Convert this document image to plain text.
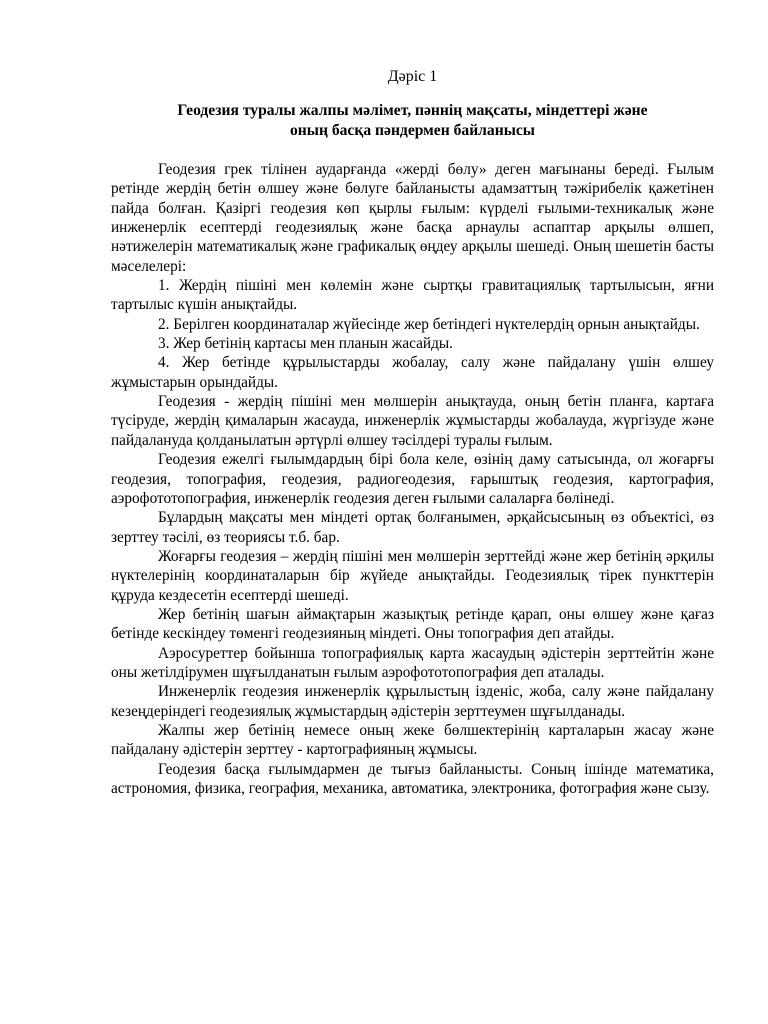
Дәріс 1
Геодезия туралы жалпы мәлімет, пәннің мақсаты, міндеттері және
оның басқа пәндермен байланысы

Геодезия грек тілінен аударғанда «жерді бөлу» деген мағынаны береді. Ғылым ретінде жердің бетін өлшеу және бөлуге байланысты адамзаттың тәжірибелік қажетінен пайда болған. Қазіргі геодезия көп қырлы ғылым: күрделі ғылыми-техникалық және инженерлік есептерді геодезиялық және басқа арнаулы аспаптар арқылы өлшеп, нәтижелерін математикалық және графикалық өңдеу арқылы шешеді. Оның шешетін басты мәселелері:

1. Жердің пішіні мен көлемін және сыртқы гравитациялық тартылысын, яғни тартылыс күшін анықтайды.

2. Берілген координаталар жүйесінде жер бетіндегі нүктелердің орнын анықтайды.

3. Жер бетінің картасы мен планын жасайды.

4. Жер бетінде құрылыстарды жобалау, салу және пайдалану үшін өлшеу жұмыстарын орындайды.

Геодезия - жердің пішіні мен мөлшерін анықтауда, оның бетін планға, картаға түсіруде, жердің қималарын жасауда, инженерлік жұмыстарды жобалауда, жүргізуде және пайдалануда қолданылатын әртүрлі өлшеу тәсілдері туралы ғылым.

Геодезия ежелгі ғылымдардың бірі бола келе, өзінің даму сатысында, ол жоғарғы геодезия, топография, геодезия, радиогеодезия, ғарыштық геодезия, картография, аэрофототопография, инженерлік геодезия деген ғылыми салаларға бөлінеді.

Бұлардың мақсаты мен міндеті ортақ болғанымен, әрқайсысының өз объектісі, өз зерттеу тәсілі, өз теориясы т.б. бар.

Жоғарғы геодезия – жердің пішіні мен мөлшерін зерттейді және жер бетінің әрқилы нүктелерінің координаталарын бір жүйеде анықтайды. Геодезиялық тірек пункттерін құруда кездесетін есептерді шешеді.

Жер бетінің шағын аймақтарын жазықтық ретінде қарап, оны өлшеу және қағаз бетінде кескіндеу төменгі геодезияның міндеті. Оны топография деп атайды.

Аэросуреттер бойынша топографиялық карта жасаудың әдістерін зерттейтін және оны жетілдірумен шұғылданатын ғылым аэрофототопография деп аталады.

Инженерлік геодезия инженерлік құрылыстың ізденіс, жоба, салу және пайдалану кезеңдеріндегі геодезиялық жұмыстардың әдістерін зерттеумен шұғылданады.

Жалпы жер бетінің немесе оның жеке бөлшектерінің карталарын жасау және пайдалану әдістерін зерттеу - картографияның жұмысы.

Геодезия басқа ғылымдармен де тығыз байланысты. Соның ішінде математика, астрономия, физика, география, механика, автоматика, электроника, фотография және сызу.
